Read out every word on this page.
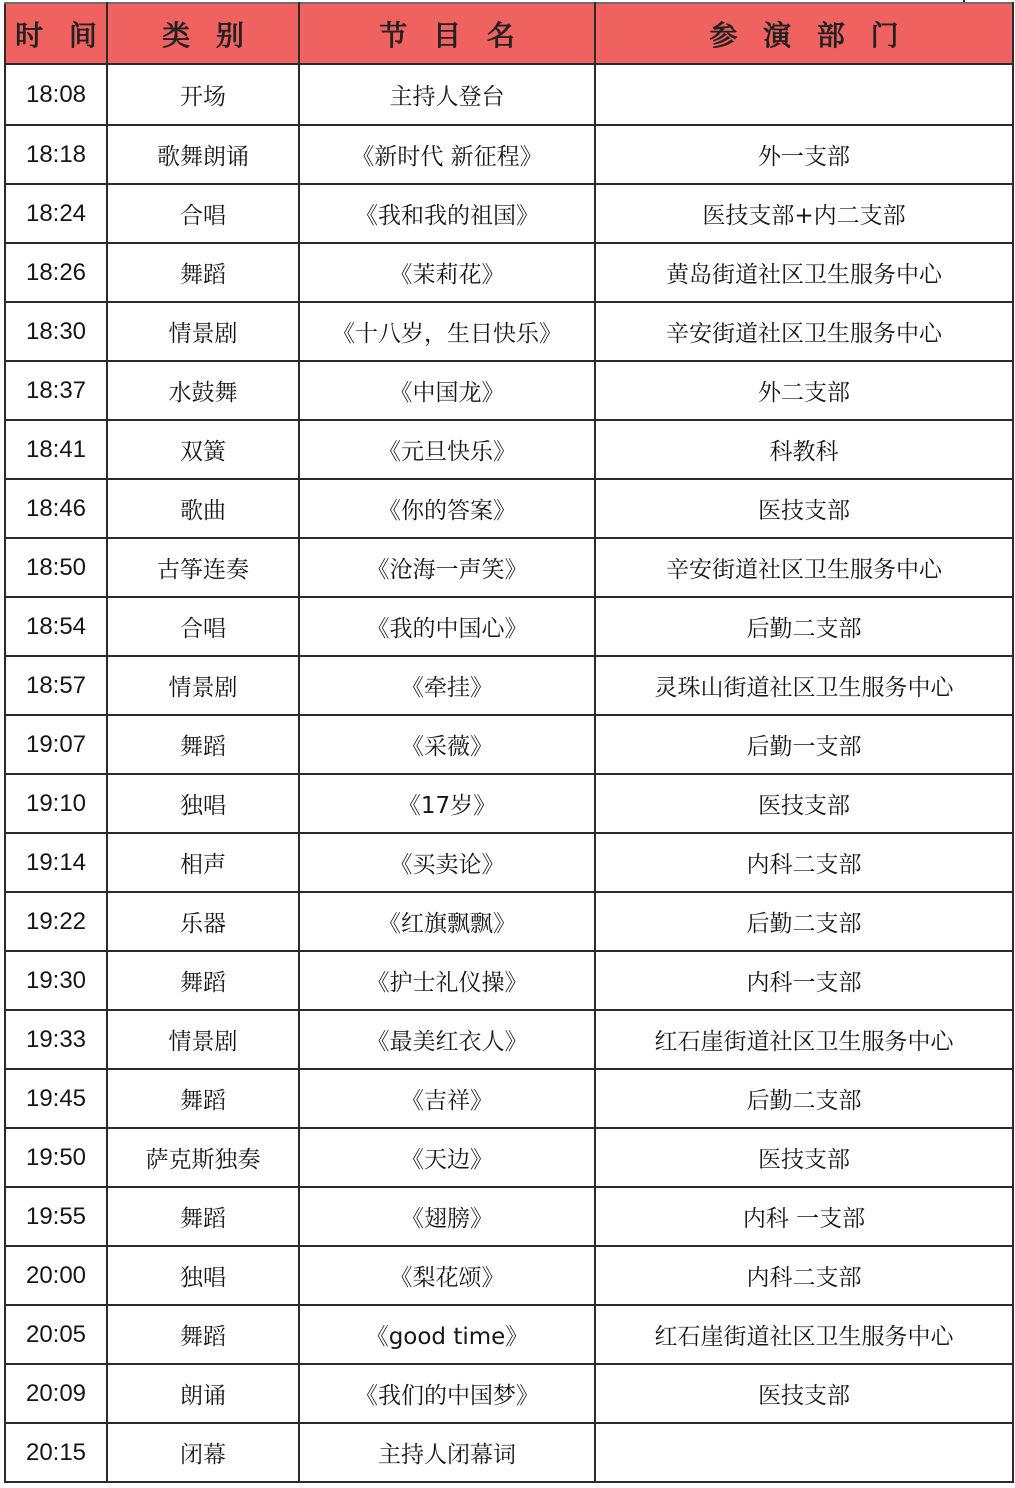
时 间	类 别	节 目 名	参 演 部 门
18:08	开场	主持人登台	
18:18	歌舞朗诵	《新时代 新征程》	外一支部
18:24	合唱	《我和我的祖国》	医技支部+内二支部
18:26	舞蹈	《茉莉花》	黄岛街道社区卫生服务中心
18:30	情景剧	《十八岁，生日快乐》	辛安街道社区卫生服务中心
18:37	水鼓舞	《中国龙》	外二支部
18:41	双簧	《元旦快乐》	科教科
18:46	歌曲	《你的答案》	医技支部
18:50	古筝连奏	《沧海一声笑》	辛安街道社区卫生服务中心
18:54	合唱	《我的中国心》	后勤二支部
18:57	情景剧	《牵挂》	灵珠山街道社区卫生服务中心
19:07	舞蹈	《采薇》	后勤一支部
19:10	独唱	《17岁》	医技支部
19:14	相声	《买卖论》	内科二支部
19:22	乐器	《红旗飘飘》	后勤二支部
19:30	舞蹈	《护士礼仪操》	内科一支部
19:33	情景剧	《最美红衣人》	红石崖街道社区卫生服务中心
19:45	舞蹈	《吉祥》	后勤二支部
19:50	萨克斯独奏	《天边》	医技支部
19:55	舞蹈	《翅膀》	内科 一支部
20:00	独唱	《梨花颂》	内科二支部
20:05	舞蹈	《good time》	红石崖街道社区卫生服务中心
20:09	朗诵	《我们的中国梦》	医技支部
20:15	闭幕	主持人闭幕词	
